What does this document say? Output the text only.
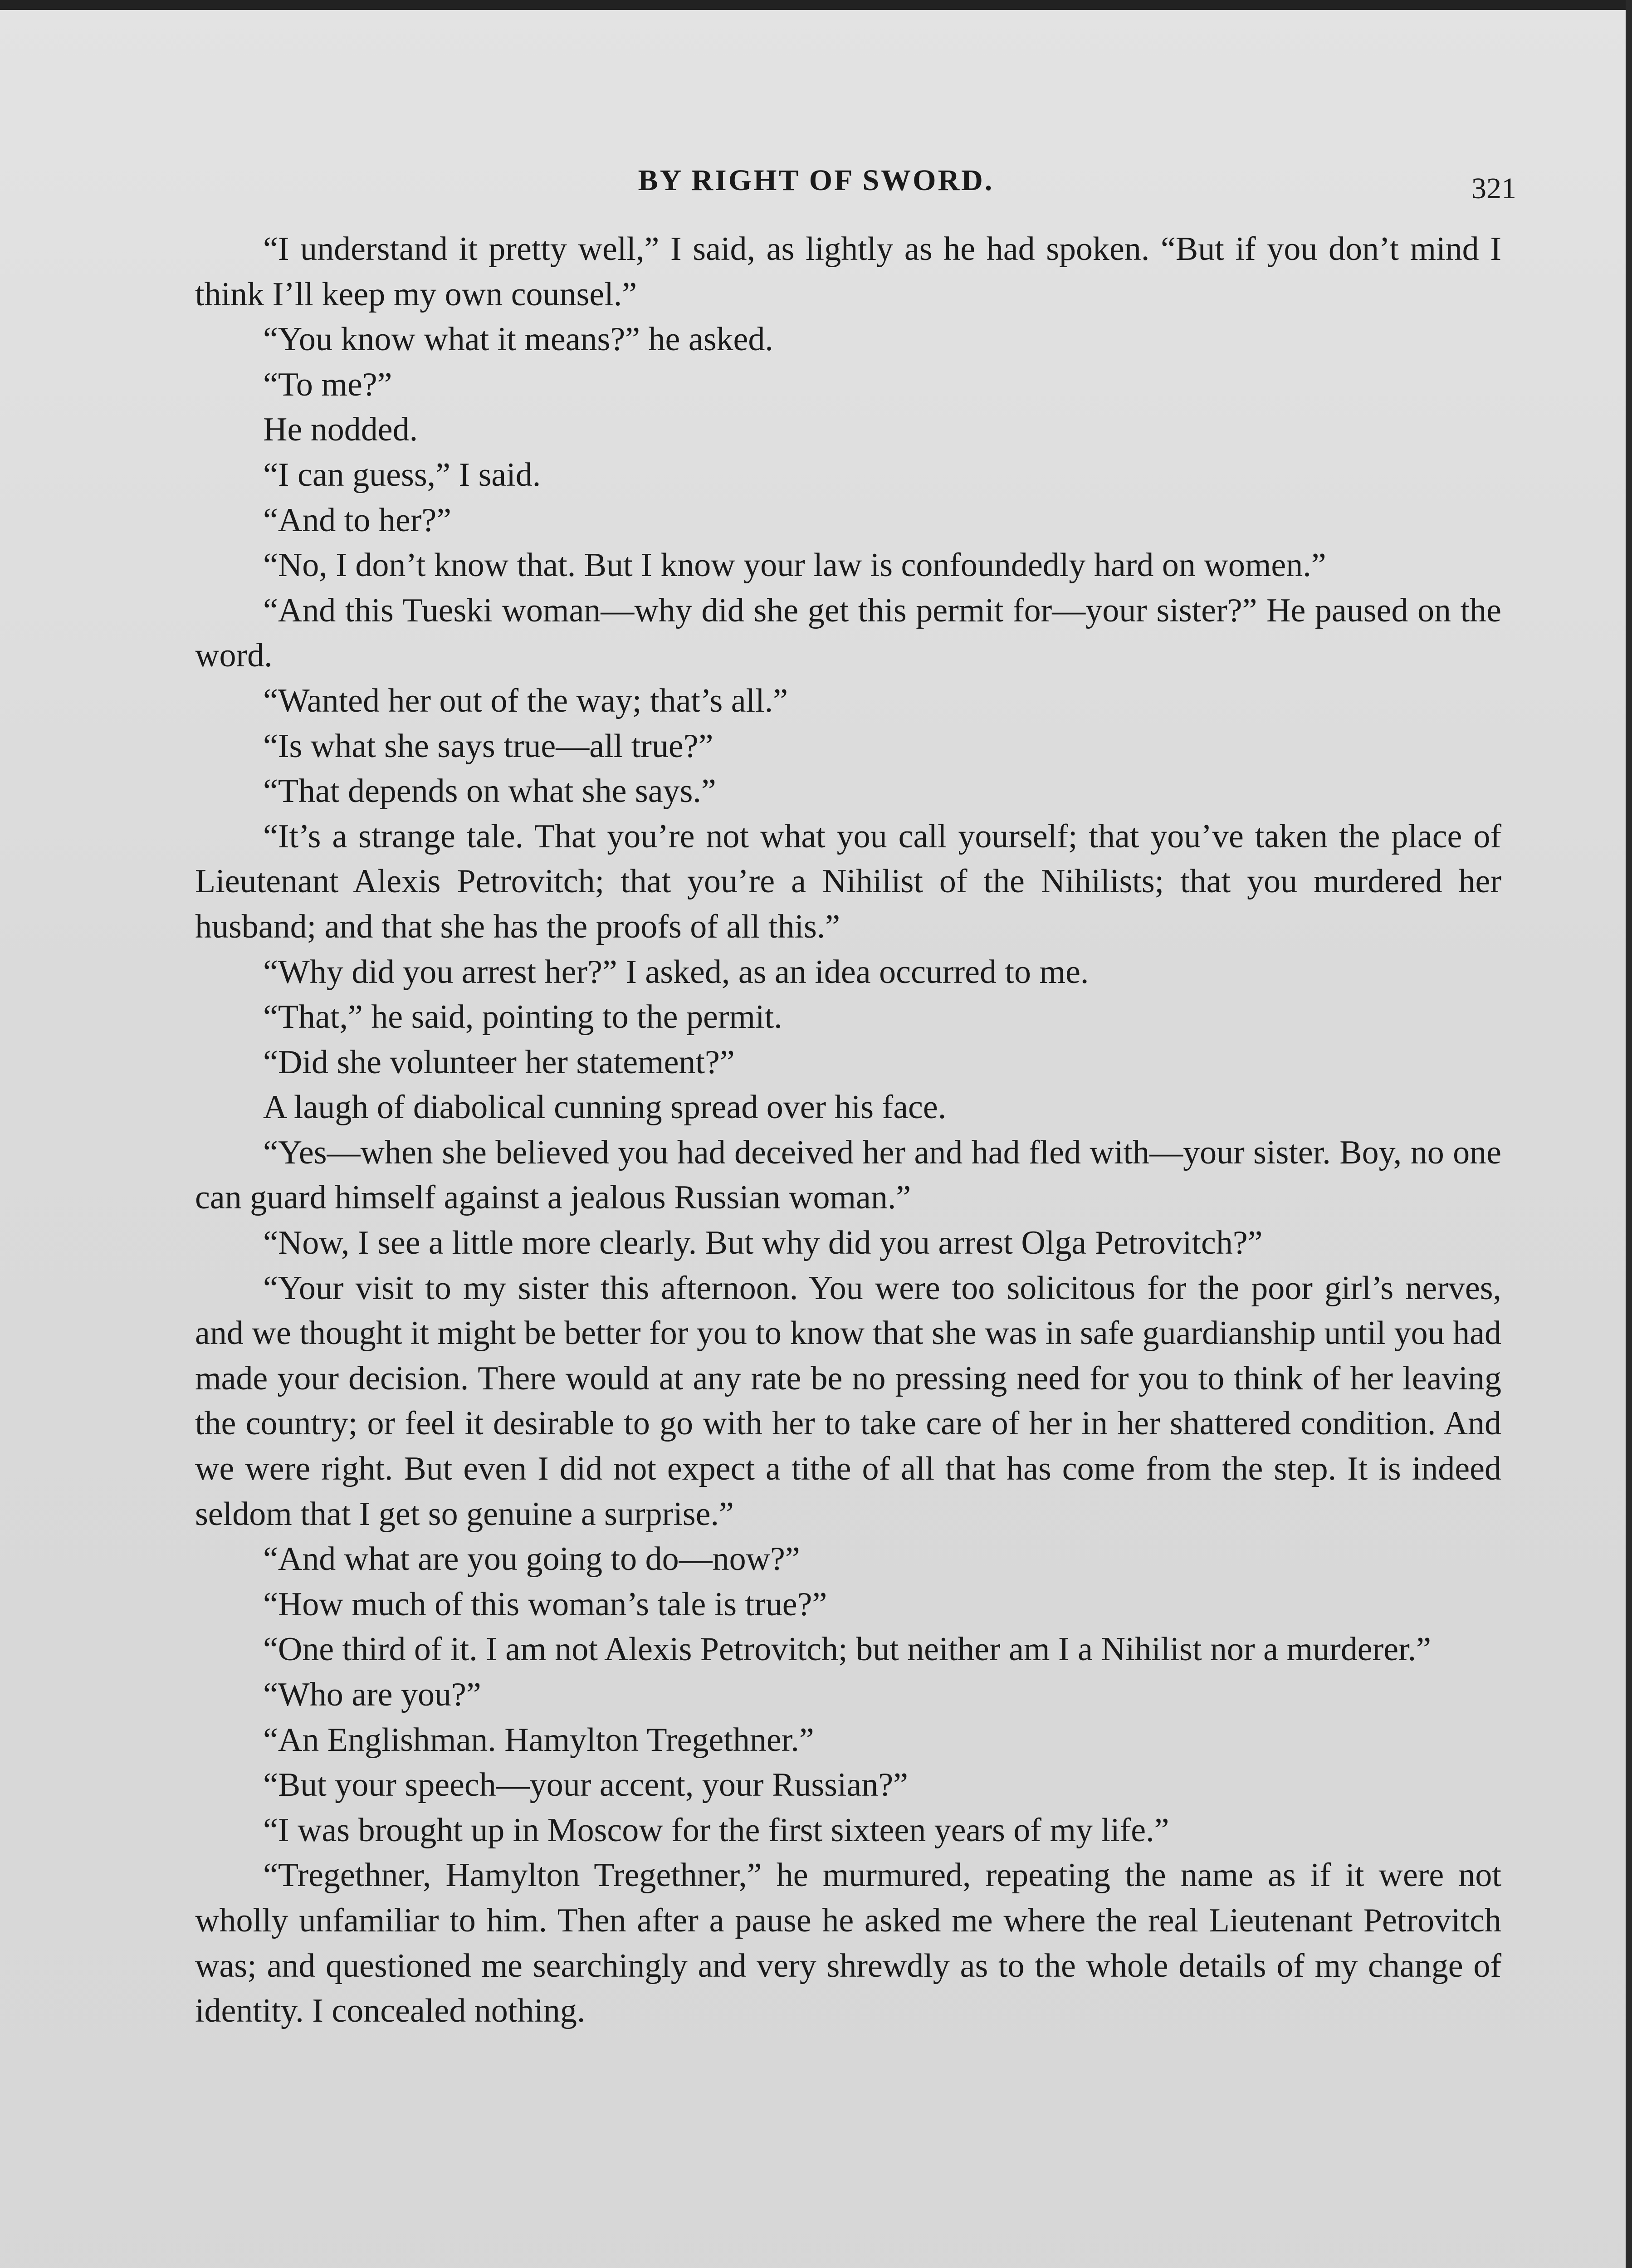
BY RIGHT OF SWORD.	321

“I understand it pretty well,” I said, as lightly as he had spoken. “But if you don’t mind I think I’ll keep my own counsel.”

“You know what it means?” he asked.

“To me?”

He nodded.

“I can guess,” I said.

“And to her?”

“No, I don’t know that. But I know your law is confoundedly hard on women.”

“And this Tueski woman—why did she get this permit for—your sister?” He paused on the word.

“Wanted her out of the way; that’s all.”

“Is what she says true—all true?”

“That depends on what she says.”

“It’s a strange tale. That you’re not what you call yourself; that you’ve taken the place of Lieutenant Alexis Petrovitch; that you’re a Nihilist of the Nihilists; that you murdered her husband; and that she has the proofs of all this.”

“Why did you arrest her?” I asked, as an idea occurred to me.

“That,” he said, pointing to the permit.

“Did she volunteer her statement?”

A laugh of diabolical cunning spread over his face.

“Yes—when she believed you had deceived her and had fled with—your sister. Boy, no one can guard himself against a jealous Russian woman.”

“Now, I see a little more clearly. But why did you arrest Olga Petrovitch?”

“Your visit to my sister this afternoon. You were too solicitous for the poor girl’s nerves, and we thought it might be better for you to know that she was in safe guardianship until you had made your decision. There would at any rate be no pressing need for you to think of her leaving the country; or feel it desirable to go with her to take care of her in her shattered condition. And we were right. But even I did not expect a tithe of all that has come from the step. It is indeed seldom that I get so genuine a surprise.”

“And what are you going to do—now?”

“How much of this woman’s tale is true?”

“One third of it. I am not Alexis Petrovitch; but neither am I a Nihilist nor a murderer.”

“Who are you?”

“An Englishman. Hamylton Tregethner.”

“But your speech—your accent, your Russian?”

“I was brought up in Moscow for the first sixteen years of my life.”

“Tregethner, Hamylton Tregethner,” he murmured, repeating the name as if it were not wholly unfamiliar to him. Then after a pause he asked me where the real Lieutenant Petrovitch was; and questioned me searchingly and very shrewdly as to the whole details of my change of identity. I concealed nothing.
